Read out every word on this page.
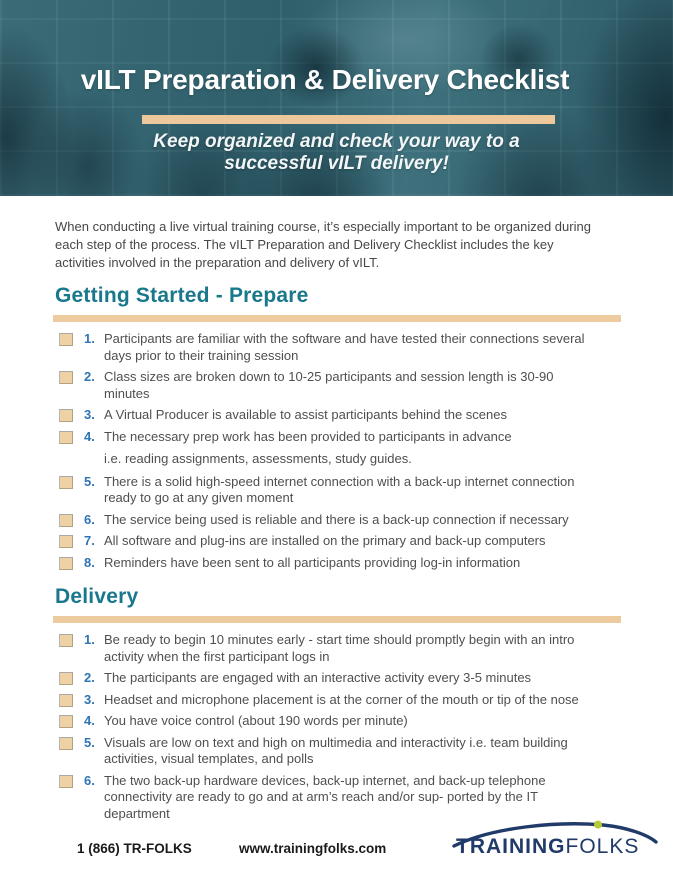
vILT Preparation & Delivery Checklist
Keep organized and check your way to a
successful vILT delivery!
When conducting a live virtual training course, it’s especially important to be organized during
each step of the process. The vILT Preparation and Delivery Checklist includes the key
activities involved in the preparation and delivery of vILT.
Getting Started - Prepare
1. Participants are familiar with the software and have tested their connections several
days prior to their training session
2. Class sizes are broken down to 10-25 participants and session length is 30-90
minutes
3. A Virtual Producer is available to assist participants behind the scenes
4. The necessary prep work has been provided to participants in advance
i.e. reading assignments, assessments, study guides.
5. There is a solid high-speed internet connection with a back-up internet connection
ready to go at any given moment
6. The service being used is reliable and there is a back-up connection if necessary
7. All software and plug-ins are installed on the primary and back-up computers
8. Reminders have been sent to all participants providing log-in information
Delivery
1. Be ready to begin 10 minutes early - start time should promptly begin with an intro
activity when the first participant logs in
2. The participants are engaged with an interactive activity every 3-5 minutes
3. Headset and microphone placement is at the corner of the mouth or tip of the nose
4. You have voice control (about 190 words per minute)
5. Visuals are low on text and high on multimedia and interactivity i.e. team building
activities, visual templates, and polls
6. The two back-up hardware devices, back-up internet, and back-up telephone
connectivity are ready to go and at arm’s reach and/or sup- ported by the IT
department
1 (866) TR-FOLKS	www.trainingfolks.com	TRAININGFOLKS
